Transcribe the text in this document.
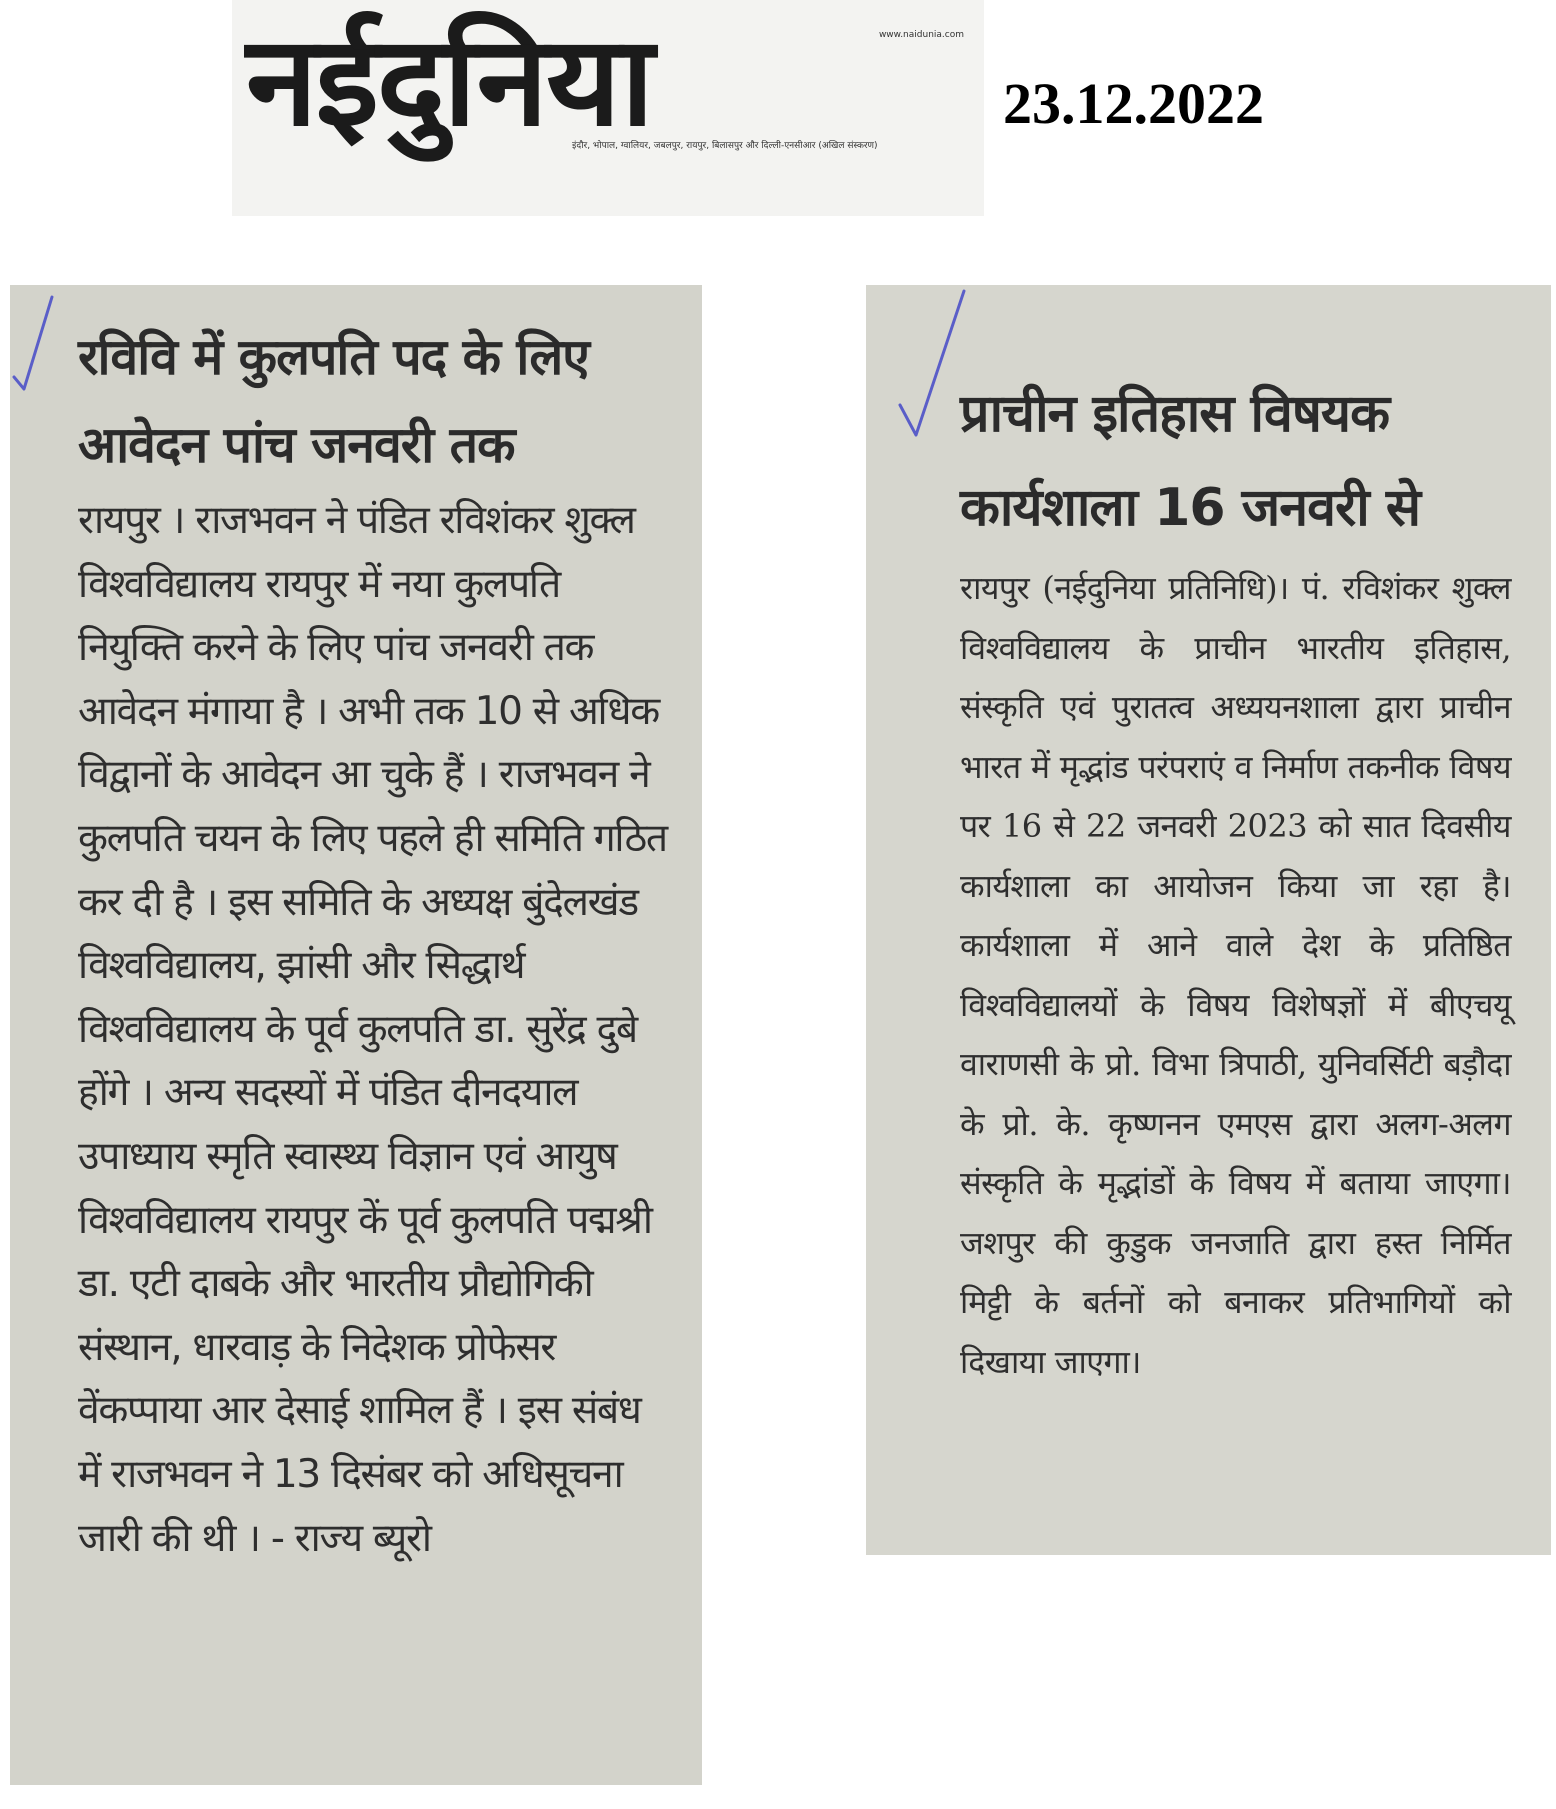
www.naidunia.com
नईदुनिया
इंदौर, भोपाल, ग्वालियर, जबलपुर, रायपुर, बिलासपुर और दिल्ली-एनसीआर (अखिल संस्करण)
23.12.2022
रविवि में कुलपति पद के लिए
आवेदन पांच जनवरी तक

रायपुर । राजभवन ने पंडित रविशंकर शुक्ल विश्वविद्यालय रायपुर में नया कुलपति नियुक्ति करने के लिए पांच जनवरी तक आवेदन मंगाया है । अभी तक 10 से अधिक विद्वानों के आवेदन आ चुके हैं । राजभवन ने कुलपति चयन के लिए पहले ही समिति गठित कर दी है । इस समिति के अध्यक्ष बुंदेलखंड विश्वविद्यालय, झांसी और सिद्धार्थ विश्वविद्यालय के पूर्व कुलपति डा. सुरेंद्र दुबे होंगे । अन्य सदस्यों में पंडित दीनदयाल उपाध्याय स्मृति स्वास्थ्य विज्ञान एवं आयुष विश्वविद्यालय रायपुर कें पूर्व कुलपति पद्मश्री डा. एटी दाबके और भारतीय प्रौद्योगिकी संस्थान, धारवाड़ के निदेशक प्रोफेसर वेंकप्पाया आर देसाई शामिल हैं । इस संबंध में राजभवन ने 13 दिसंबर को अधिसूचना जारी की थी । - राज्य ब्यूरो

प्राचीन इतिहास विषयक
कार्यशाला 16 जनवरी से

रायपुर (नईदुनिया प्रतिनिधि)। पं. रविशंकर शुक्ल विश्वविद्यालय के प्राचीन भारतीय इतिहास, संस्कृति एवं पुरातत्व अध्ययनशाला द्वारा प्राचीन भारत में मृद्भांड परंपराएं व निर्माण तकनीक विषय पर 16 से 22 जनवरी 2023 को सात दिवसीय कार्यशाला का आयोजन किया जा रहा है। कार्यशाला में आने वाले देश के प्रतिष्ठित विश्वविद्यालयों के विषय विशेषज्ञों में बीएचयू वाराणसी के प्रो. विभा त्रिपाठी, युनिवर्सिटी बड़ौदा के प्रो. के. कृष्णनन एमएस द्वारा अलग-अलग संस्कृति के मृद्भांडों के विषय में बताया जाएगा। जशपुर की कुडुक जनजाति द्वारा हस्त निर्मित मिट्टी के बर्तनों को बनाकर प्रतिभागियों को दिखाया जाएगा।
